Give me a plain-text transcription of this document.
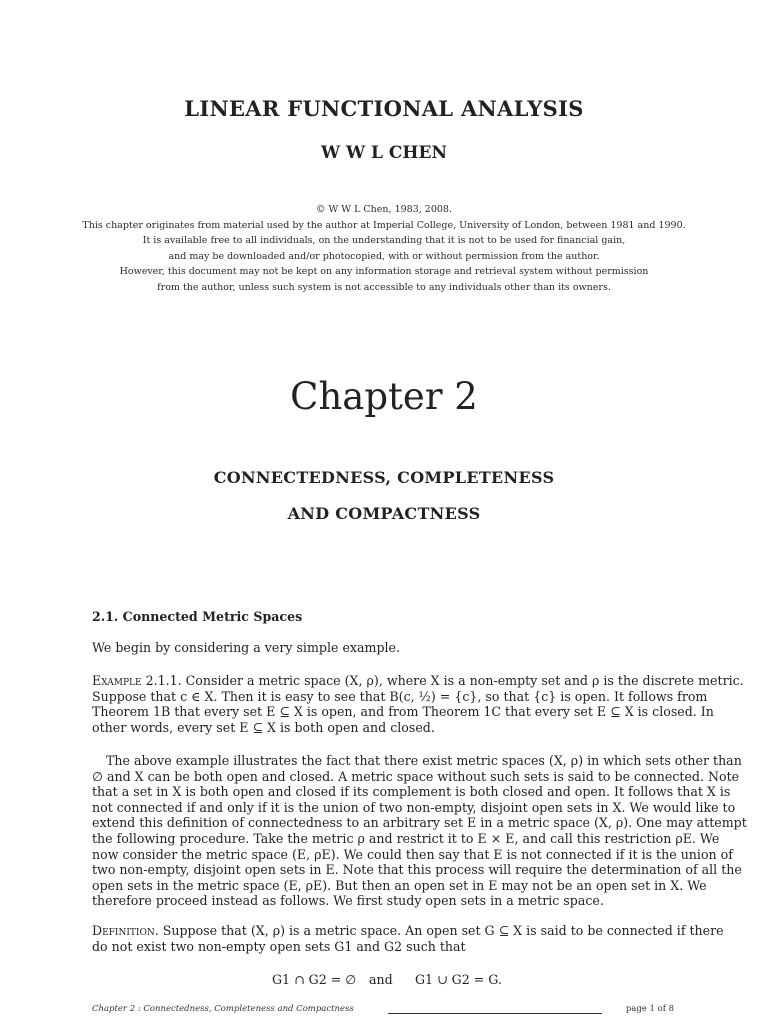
LINEAR FUNCTIONAL ANALYSIS
W W L CHEN
© W W L Chen, 1983, 2008.
This chapter originates from material used by the author at Imperial College, University of London, between 1981 and 1990.
It is available free to all individuals, on the understanding that it is not to be used for financial gain,
and may be downloaded and/or photocopied, with or without permission from the author.
However, this document may not be kept on any information storage and retrieval system without permission
from the author, unless such system is not accessible to any individuals other than its owners.
Chapter 2
CONNECTEDNESS, COMPLETENESS
AND COMPACTNESS
2.1. Connected Metric Spaces
We begin by considering a very simple example.
Example 2.1.1. Consider a metric space (X, ρ), where X is a non-empty set and ρ is the discrete metric.
Suppose that c ∈ X. Then it is easy to see that B(c, ½) = {c}, so that {c} is open. It follows from
Theorem 1B that every set E ⊆ X is open, and from Theorem 1C that every set E ⊆ X is closed. In
other words, every set E ⊆ X is both open and closed.
The above example illustrates the fact that there exist metric spaces (X, ρ) in which sets other than
∅ and X can be both open and closed. A metric space without such sets is said to be connected. Note
that a set in X is both open and closed if its complement is both closed and open. It follows that X is
not connected if and only if it is the union of two non-empty, disjoint open sets in X. We would like to
extend this definition of connectedness to an arbitrary set E in a metric space (X, ρ). One may attempt
the following procedure. Take the metric ρ and restrict it to E × E, and call this restriction ρE. We
now consider the metric space (E, ρE). We could then say that E is not connected if it is the union of
two non-empty, disjoint open sets in E. Note that this process will require the determination of all the
open sets in the metric space (E, ρE). But then an open set in E may not be an open set in X. We
therefore proceed instead as follows. We first study open sets in a metric space.
Definition. Suppose that (X, ρ) is a metric space. An open set G ⊆ X is said to be connected if there
do not exist two non-empty open sets G1 and G2 such that
G1 ∩ G2 = ∅ and G1 ∪ G2 = G.
Chapter 2 : Connectedness, Completeness and Compactness	page 1 of 8
